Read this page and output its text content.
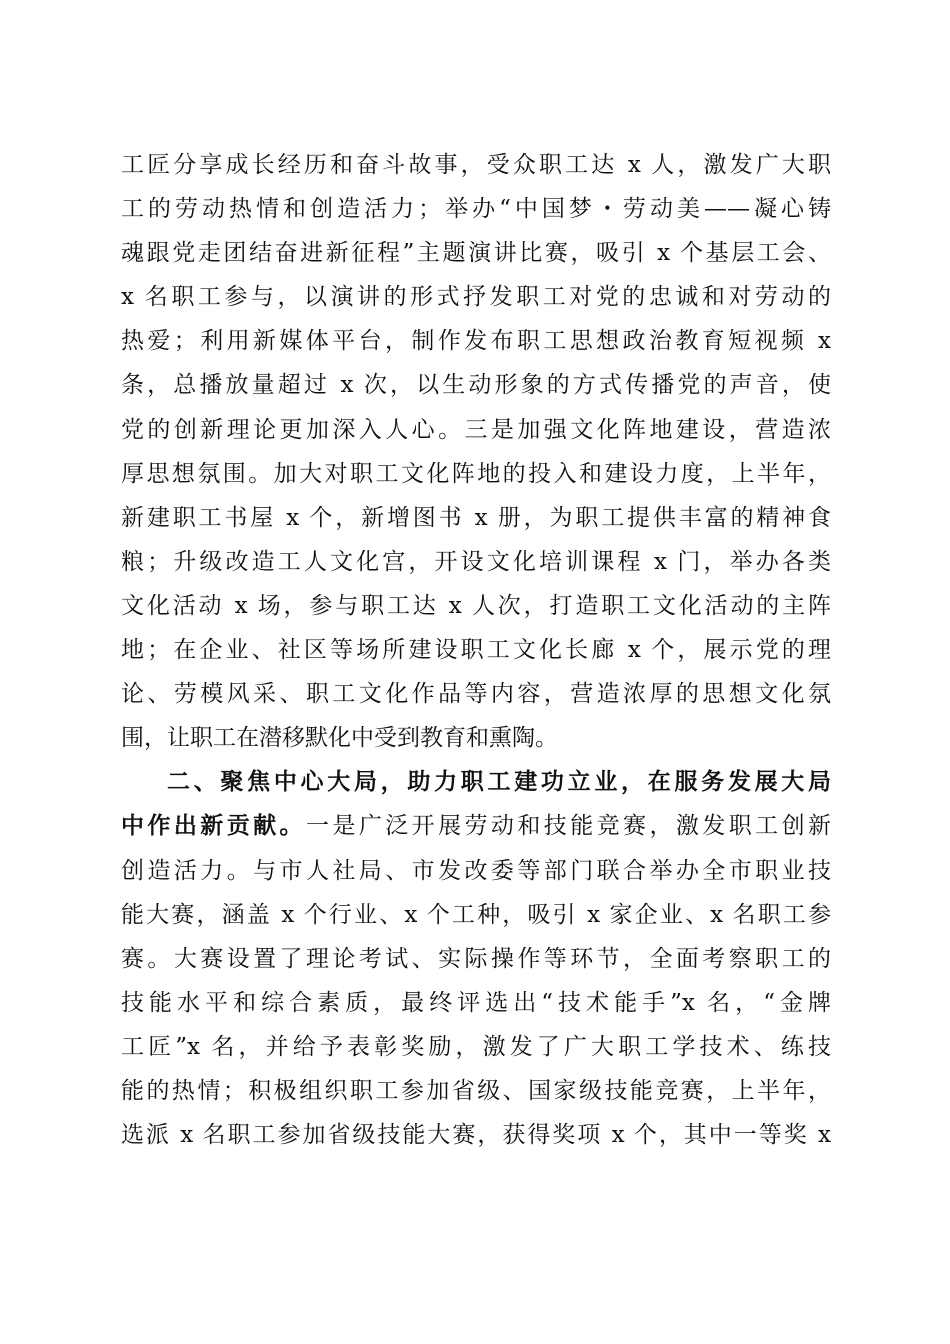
工匠分享成长经历和奋斗故事，受众职工达 x 人，激发广大职
工的劳动热情和创造活力；举办“中国梦・劳动美——凝心铸
魂跟党走团结奋进新征程”主题演讲比赛，吸引 x 个基层工会、
x 名职工参与，以演讲的形式抒发职工对党的忠诚和对劳动的
热爱；利用新媒体平台，制作发布职工思想政治教育短视频 x
条，总播放量超过 x 次，以生动形象的方式传播党的声音，使
党的创新理论更加深入人心。三是加强文化阵地建设，营造浓
厚思想氛围。加大对职工文化阵地的投入和建设力度，上半年，
新建职工书屋 x 个，新增图书 x 册，为职工提供丰富的精神食
粮；升级改造工人文化宫，开设文化培训课程 x 门，举办各类
文化活动 x 场，参与职工达 x 人次，打造职工文化活动的主阵
地；在企业、社区等场所建设职工文化长廊 x 个，展示党的理
论、劳模风采、职工文化作品等内容，营造浓厚的思想文化氛
围，让职工在潜移默化中受到教育和熏陶。
二、聚焦中心大局，助力职工建功立业，在服务发展大局
中作出新贡献。一是广泛开展劳动和技能竞赛，激发职工创新
创造活力。与市人社局、市发改委等部门联合举办全市职业技
能大赛，涵盖 x 个行业、x 个工种，吸引 x 家企业、x 名职工参
赛。大赛设置了理论考试、实际操作等环节，全面考察职工的
技能水平和综合素质，最终评选出“技术能手”x 名，“金牌
工匠”x 名，并给予表彰奖励，激发了广大职工学技术、练技
能的热情；积极组织职工参加省级、国家级技能竞赛，上半年，
选派 x 名职工参加省级技能大赛，获得奖项 x 个，其中一等奖 x
